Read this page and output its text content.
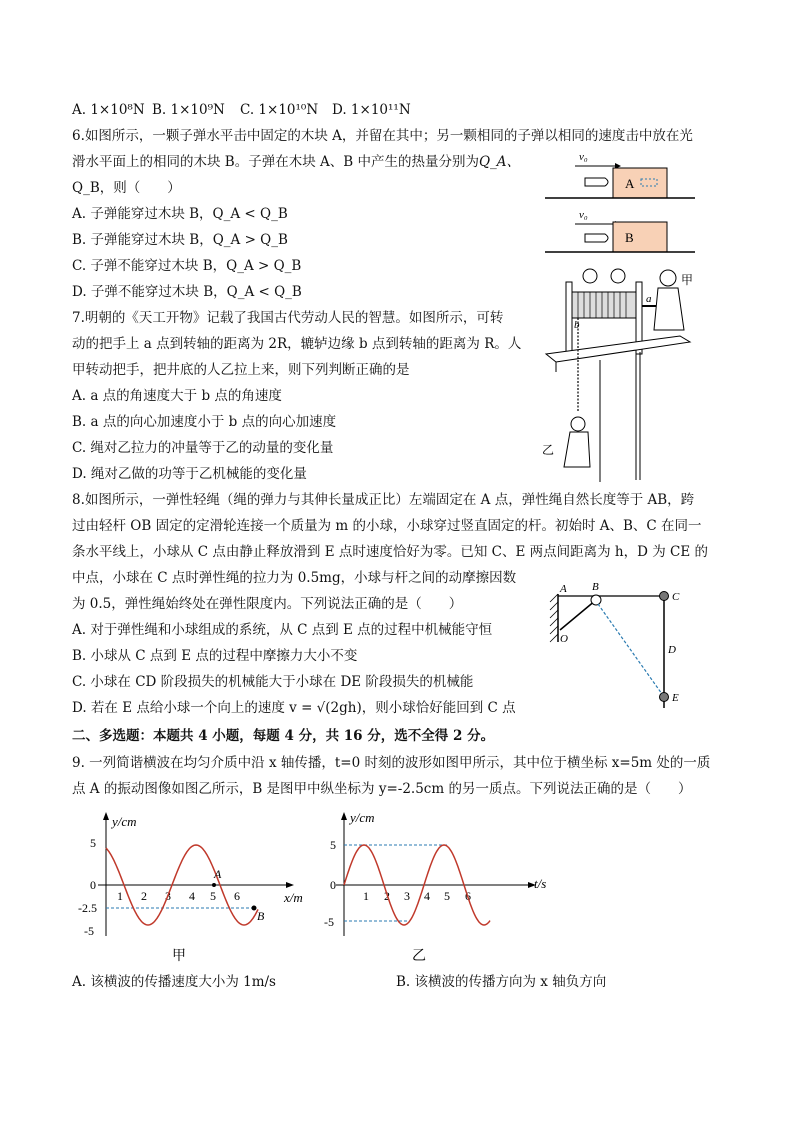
A. 1×10⁸N B. 1×10⁹N C. 1×10¹⁰N D. 1×10¹¹N
6.如图所示，一颗子弹水平击中固定的木块 A，并留在其中；另一颗相同的子弹以相同的速度击中放在光
滑水平面上的相同的木块 B。子弹在木块 A、B 中产生的热量分别为Q_A、
Q_B，则（　　）
A. 子弹能穿过木块 B，Q_A < Q_B
B. 子弹能穿过木块 B，Q_A > Q_B
C. 子弹不能穿过木块 B，Q_A > Q_B
D. 子弹不能穿过木块 B，Q_A < Q_B
v₀
A
v₀
B
7.明朝的《天工开物》记载了我国古代劳动人民的智慧。如图所示，可转
动的把手上 a 点到转轴的距离为 2R，辘轳边缘 b 点到转轴的距离为 R。人
甲转动把手，把井底的人乙拉上来，则下列判断正确的是
A. a 点的角速度大于 b 点的角速度
B. a 点的向心加速度小于 b 点的向心加速度
C. 绳对乙拉力的冲量等于乙的动量的变化量
D. 绳对乙做的功等于乙机械能的变化量
a
b
甲
乙
8.如图所示，一弹性轻绳（绳的弹力与其伸长量成正比）左端固定在 A 点，弹性绳自然长度等于 AB，跨
过由轻杆 OB 固定的定滑轮连接一个质量为 m 的小球，小球穿过竖直固定的杆。初始时 A、B、C 在同一
条水平线上，小球从 C 点由静止释放滑到 E 点时速度恰好为零。已知 C、E 两点间距离为 h，D 为 CE 的
中点，小球在 C 点时弹性绳的拉力为 0.5mg，小球与杆之间的动摩擦因数
为 0.5，弹性绳始终处在弹性限度内。下列说法正确的是（　　）
A. 对于弹性绳和小球组成的系统，从 C 点到 E 点的过程中机械能守恒
B. 小球从 C 点到 E 点的过程中摩擦力大小不变
C. 小球在 CD 阶段损失的机械能大于小球在 DE 阶段损失的机械能
D. 若在 E 点给小球一个向上的速度 v = √(2gh)，则小球恰好能回到 C 点
A
O
B
C
D
E
二、多选题：本题共 4 小题，每题 4 分，共 16 分，选不全得 2 分。
9. 一列简谐横波在均匀介质中沿 x 轴传播，t=0 时刻的波形如图甲所示，其中位于横坐标 x=5m 处的一质
点 A 的振动图像如图乙所示，B 是图甲中纵坐标为 y=-2.5cm 的另一质点。下列说法正确的是（　　）
y/cm
x/m
5
0
-2.5
-5
1 2 3 4 5 6
A
B
甲
y/cm
t/s
5
0
-5
1 2 3 4 5 6
乙
A. 该横波的传播速度大小为 1m/s	B. 该横波的传播方向为 x 轴负方向
